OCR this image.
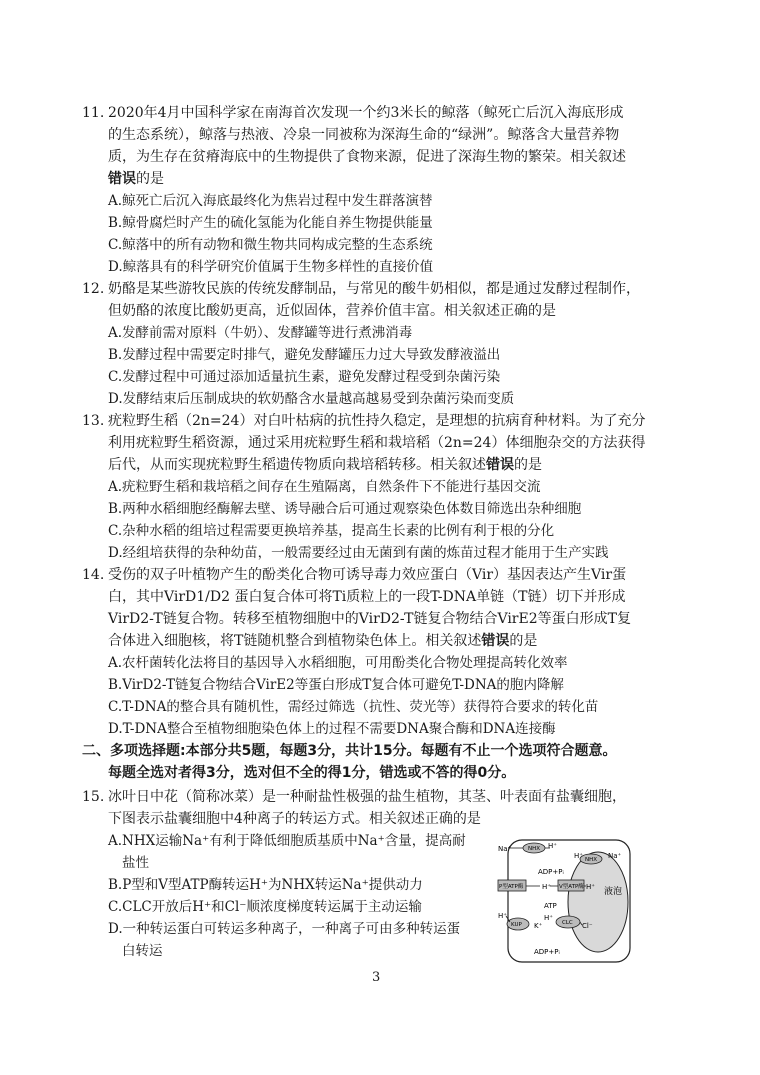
11. 2020年4月中国科学家在南海首次发现一个约3米长的鲸落（鲸死亡后沉入海底形成
的生态系统），鲸落与热液、冷泉一同被称为深海生命的“绿洲”。鲸落含大量营养物
质，为生存在贫瘠海底中的生物提供了食物来源，促进了深海生物的繁荣。相关叙述
错误的是
A.鲸死亡后沉入海底最终化为焦岩过程中发生群落演替
B.鲸骨腐烂时产生的硫化氢能为化能自养生物提供能量
C.鲸落中的所有动物和微生物共同构成完整的生态系统
D.鲸落具有的科学研究价值属于生物多样性的直接价值
12. 奶酪是某些游牧民族的传统发酵制品，与常见的酸牛奶相似，都是通过发酵过程制作，
但奶酪的浓度比酸奶更高，近似固体，营养价值丰富。相关叙述正确的是
A.发酵前需对原料（牛奶）、发酵罐等进行煮沸消毒
B.发酵过程中需要定时排气，避免发酵罐压力过大导致发酵液溢出
C.发酵过程中可通过添加适量抗生素，避免发酵过程受到杂菌污染
D.发酵结束后压制成块的软奶酪含水量越高越易受到杂菌污染而变质
13. 疣粒野生稻（2n=24）对白叶枯病的抗性持久稳定，是理想的抗病育种材料。为了充分
利用疣粒野生稻资源，通过采用疣粒野生稻和栽培稻（2n=24）体细胞杂交的方法获得
后代，从而实现疣粒野生稻遗传物质向栽培稻转移。相关叙述错误的是
A.疣粒野生稻和栽培稻之间存在生殖隔离，自然条件下不能进行基因交流
B.两种水稻细胞经酶解去壁、诱导融合后可通过观察染色体数目筛选出杂种细胞
C.杂种水稻的组培过程需要更换培养基，提高生长素的比例有利于根的分化
D.经组培获得的杂种幼苗，一般需要经过由无菌到有菌的炼苗过程才能用于生产实践
14. 受伤的双子叶植物产生的酚类化合物可诱导毒力效应蛋白（Vir）基因表达产生Vir蛋
白，其中VirD1/D2 蛋白复合体可将Ti质粒上的一段T-DNA单链（T链）切下并形成
VirD2-T链复合物。转移至植物细胞中的VirD2-T链复合物结合VirE2等蛋白形成T复
合体进入细胞核，将T链随机整合到植物染色体上。相关叙述错误的是
A.农杆菌转化法将目的基因导入水稻细胞，可用酚类化合物处理提高转化效率
B.VirD2-T链复合物结合VirE2等蛋白形成T复合体可避免T-DNA的胞内降解
C.T-DNA的整合具有随机性，需经过筛选（抗性、荧光等）获得符合要求的转化苗
D.T-DNA整合至植物细胞染色体上的过程不需要DNA聚合酶和DNA连接酶
二、多项选择题:本部分共5题，每题3分，共计15分。每题有不止一个选项符合题意。
每题全选对者得3分，选对但不全的得1分，错选或不答的得0分。
15. 冰叶日中花（简称冰菜）是一种耐盐性极强的盐生植物，其茎、叶表面有盐囊细胞，
下图表示盐囊细胞中4种离子的转运方式。相关叙述正确的是
A.NHX运输Na⁺有利于降低细胞质基质中Na⁺含量，提高耐盐性
B.P型和V型ATP酶转运H⁺为NHX转运Na⁺提供动力
C.CLC开放后H⁺和Cl⁻顺浓度梯度转运属于主动运输
D.一种转运蛋白可转运多种离子，一种离子可由多种转运蛋白转运
NHX
NHX
P型ATP酶	V型ATP酶
KUP	CLC
Na⁺	H⁺
H⁺	Na⁺
ADP+Pᵢ
H⁺	H⁺
ATP
H⁺	H⁺
K⁺	Cl⁻
ADP+Pᵢ
液泡
3
